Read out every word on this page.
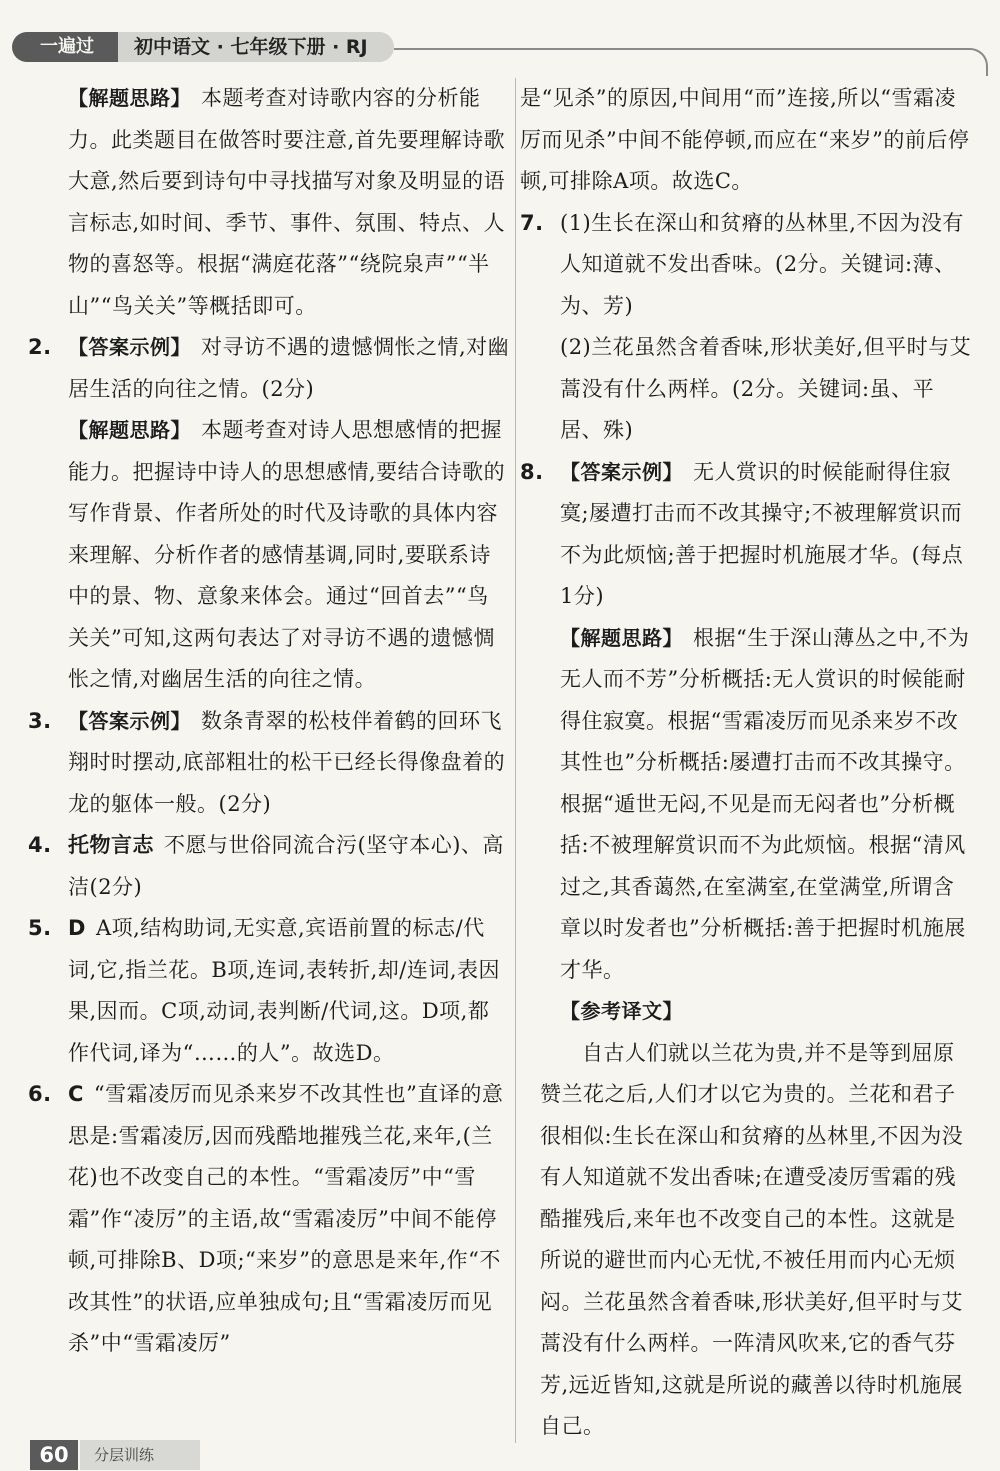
一遍过	初中语文 · 七年级下册 · RJ
【解题思路】 本题考查对诗歌内容的分析能力。此类题目在做答时要注意,首先要理解诗歌大意,然后要到诗句中寻找描写对象及明显的语言标志,如时间、季节、事件、氛围、特点、人物的喜怒等。根据“满庭花落”“绕院泉声”“半山”“鸟关关”等概括即可。
2. 【答案示例】 对寻访不遇的遗憾惆怅之情,对幽居生活的向往之情。(2分)
【解题思路】 本题考查对诗人思想感情的把握能力。把握诗中诗人的思想感情,要结合诗歌的写作背景、作者所处的时代及诗歌的具体内容来理解、分析作者的感情基调,同时,要联系诗中的景、物、意象来体会。通过“回首去”“鸟关关”可知,这两句表达了对寻访不遇的遗憾惆怅之情,对幽居生活的向往之情。
3. 【答案示例】 数条青翠的松枝伴着鹤的回环飞翔时时摆动,底部粗壮的松干已经长得像盘着的龙的躯体一般。(2分)
4. 托物言志 不愿与世俗同流合污(坚守本心)、高洁(2分)
5. D A项,结构助词,无实意,宾语前置的标志/代词,它,指兰花。B项,连词,表转折,却/连词,表因果,因而。C项,动词,表判断/代词,这。D项,都作代词,译为“……的人”。故选D。
6. C “雪霜凌厉而见杀来岁不改其性也”直译的意思是:雪霜凌厉,因而残酷地摧残兰花,来年,(兰花)也不改变自己的本性。“雪霜凌厉”中“雪霜”作“凌厉”的主语,故“雪霜凌厉”中间不能停顿,可排除B、D项;“来岁”的意思是来年,作“不改其性”的状语,应单独成句;且“雪霜凌厉而见杀”中“雪霜凌厉”
是“见杀”的原因,中间用“而”连接,所以“雪霜凌厉而见杀”中间不能停顿,而应在“来岁”的前后停顿,可排除A项。故选C。
7. (1)生长在深山和贫瘠的丛林里,不因为没有人知道就不发出香味。(2分。关键词:薄、为、芳)
(2)兰花虽然含着香味,形状美好,但平时与艾蒿没有什么两样。(2分。关键词:虽、平居、殊)
8. 【答案示例】 无人赏识的时候能耐得住寂寞;屡遭打击而不改其操守;不被理解赏识而不为此烦恼;善于把握时机施展才华。(每点1分)
【解题思路】 根据“生于深山薄丛之中,不为无人而不芳”分析概括:无人赏识的时候能耐得住寂寞。根据“雪霜凌厉而见杀来岁不改其性也”分析概括:屡遭打击而不改其操守。根据“遁世无闷,不见是而无闷者也”分析概括:不被理解赏识而不为此烦恼。根据“清风过之,其香蔼然,在室满室,在堂满堂,所谓含章以时发者也”分析概括:善于把握时机施展才华。
【参考译文】
自古人们就以兰花为贵,并不是等到屈原赞兰花之后,人们才以它为贵的。兰花和君子很相似:生长在深山和贫瘠的丛林里,不因为没有人知道就不发出香味;在遭受凌厉雪霜的残酷摧残后,来年也不改变自己的本性。这就是所说的避世而内心无忧,不被任用而内心无烦闷。兰花虽然含着香味,形状美好,但平时与艾蒿没有什么两样。一阵清风吹来,它的香气芬芳,远近皆知,这就是所说的藏善以待时机施展自己。
60	分层训练
